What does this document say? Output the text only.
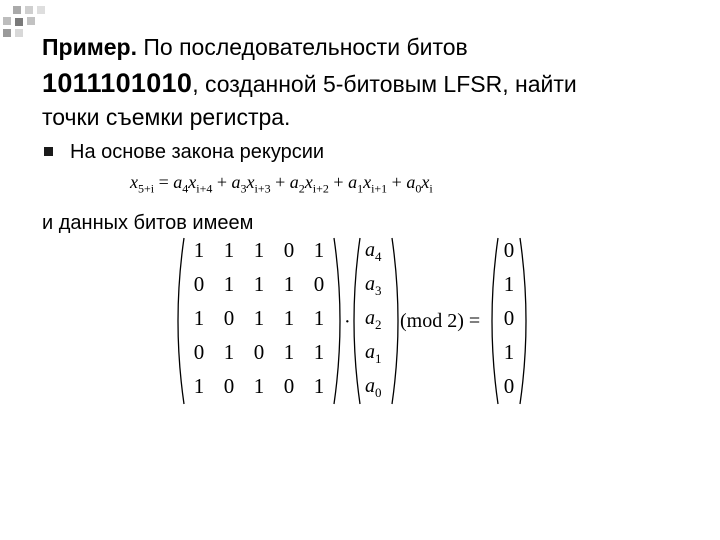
Пример. По последовательности битов
1011101010, созданной 5-битовым LFSR, найти
точки съемки регистра.
На основе закона рекурсии
$x_{5+i} = a_4x_{i+4} + a_3x_{i+3} + a_2x_{i+2} + a_1x_{i+1} + a_0x_i$
и данных битов имеем
1 1 1 0 1
0 1 1 1 0
1 0 1 1 1
0 1 0 1 1
1 0 1 0 1
$a_4$
$a_3$
$a_2$
$a_1$
$a_0$
0
1
0
1
0
· (mod 2) =
